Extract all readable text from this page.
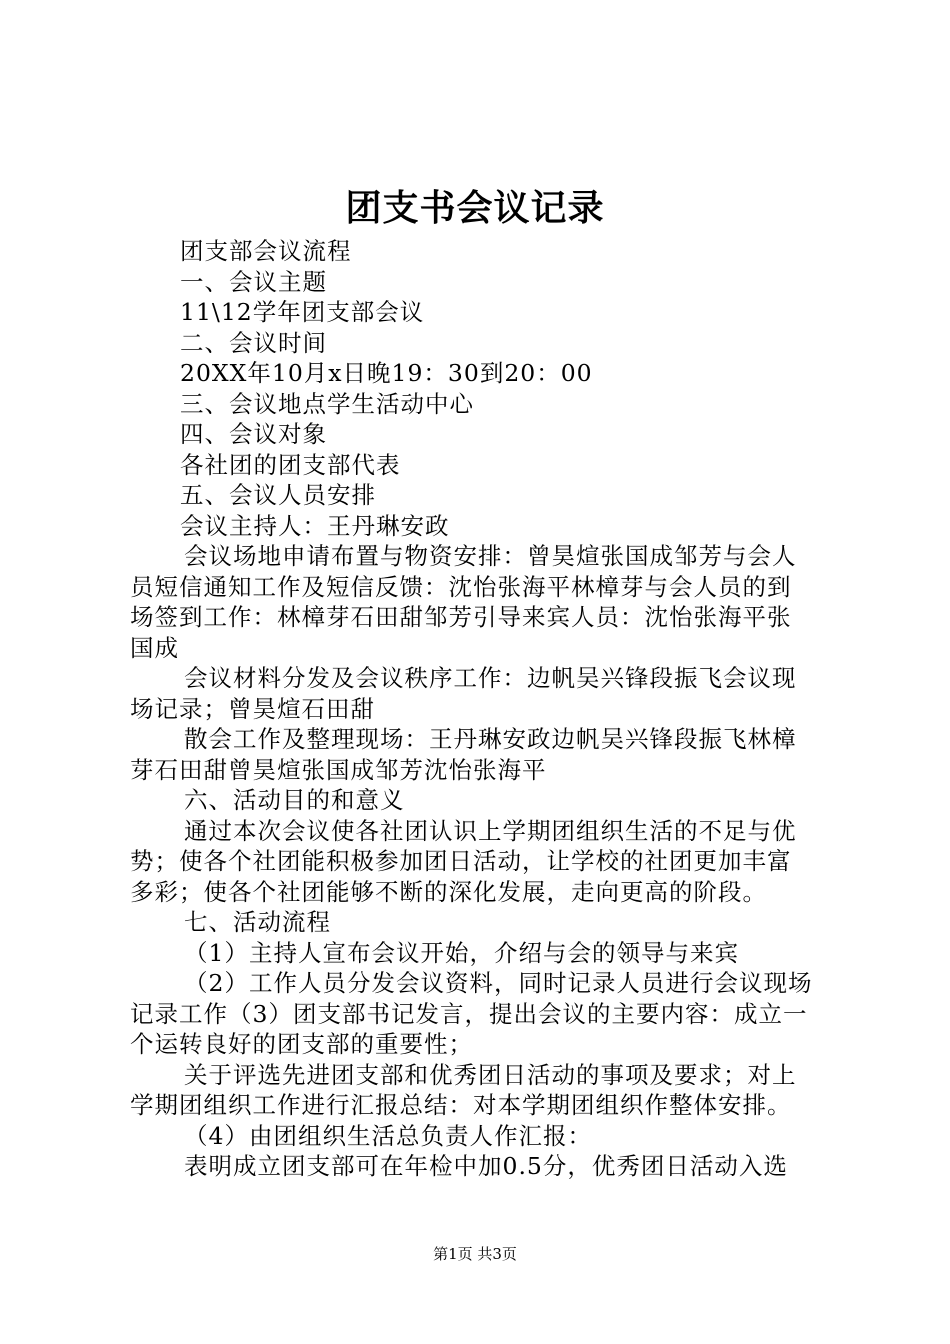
团支书会议记录

团支部会议流程

一、会议主题

11\12学年团支部会议

二、会议时间

20XX年10月x日晚19：30到20：00

三、会议地点学生活动中心

四、会议对象

各社团的团支部代表

五、会议人员安排

会议主持人：王丹琳安政

会议场地申请布置与物资安排：曾昊煊张国成邹芳与会人
员短信通知工作及短信反馈：沈怡张海平林樟芽与会人员的到
场签到工作：林樟芽石田甜邹芳引导来宾人员：沈怡张海平张
国成
会议材料分发及会议秩序工作：边帆吴兴锋段振飞会议现
场记录；曾昊煊石田甜
散会工作及整理现场：王丹琳安政边帆吴兴锋段振飞林樟
芽石田甜曾昊煊张国成邹芳沈怡张海平

六、活动目的和意义

通过本次会议使各社团认识上学期团组织生活的不足与优
势；使各个社团能积极参加团日活动，让学校的社团更加丰富
多彩；使各个社团能够不断的深化发展，走向更高的阶段。

七、活动流程

（1）主持人宣布会议开始，介绍与会的领导与来宾

（2）工作人员分发会议资料，同时记录人员进行会议现场
记录工作（3）团支部书记发言，提出会议的主要内容：成立一
个运转良好的团支部的重要性；
关于评选先进团支部和优秀团日活动的事项及要求；对上
学期团组织工作进行汇报总结：对本学期团组织作整体安排。

（4）由团组织生活总负责人作汇报：

表明成立团支部可在年检中加0.5分，优秀团日活动入选
第1页 共3页
